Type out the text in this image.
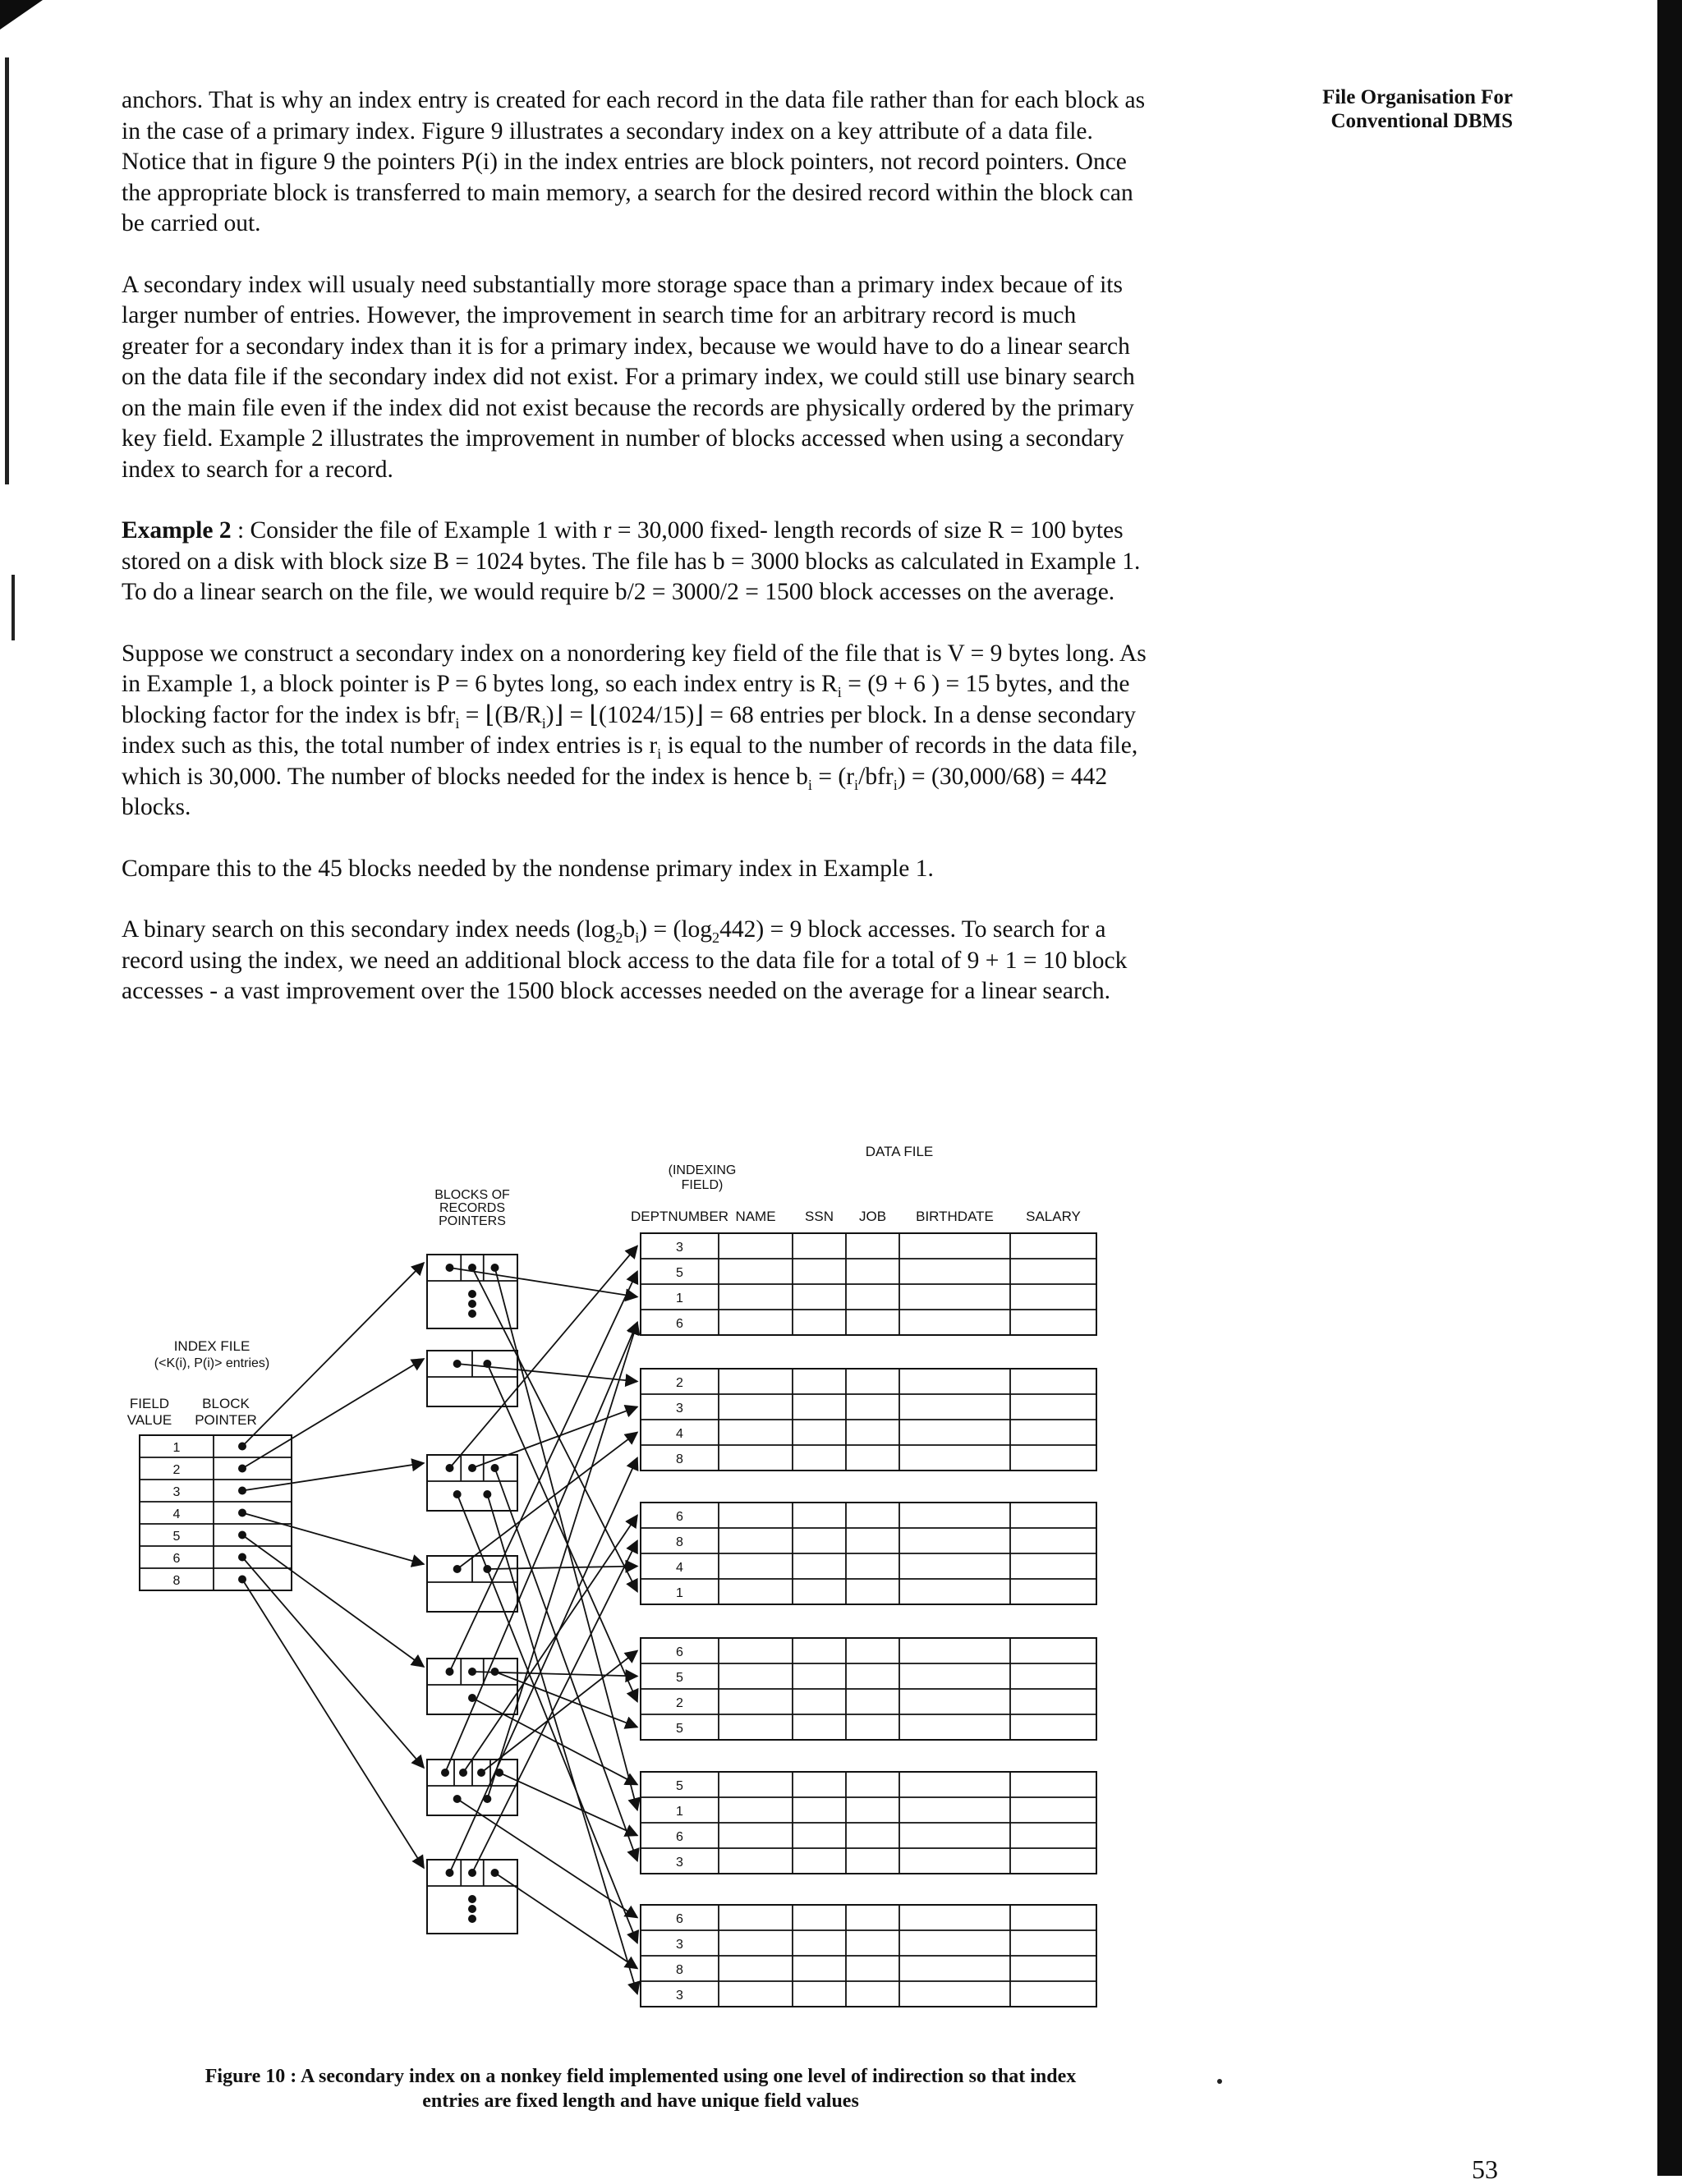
File Organisation For
Conventional DBMS

anchors. That is why an index entry is created for each record in the data file rather than for each block as in the case of a primary index. Figure 9 illustrates a secondary index on a key attribute of a data file. Notice that in figure 9 the pointers P(i) in the index entries are block pointers, not record pointers. Once the appropriate block is transferred to main memory, a search for the desired record within the block can be carried out.

A secondary index will usualy need substantially more storage space than a primary index becaue of its larger number of entries. However, the improvement in search time for an arbitrary record is much greater for a secondary index than it is for a primary index, because we would have to do a linear search on the data file if the secondary index did not exist. For a primary index, we could still use binary search on the main file even if the index did not exist because the records are physically ordered by the primary key field. Example 2 illustrates the improvement in number of blocks accessed when using a secondary index to search for a record.

Example 2 : Consider the file of Example 1 with r = 30,000 fixed- length records of size R = 100 bytes stored on a disk with block size B = 1024 bytes. The file has b = 3000 blocks as calculated in Example 1. To do a linear search on the file, we would require b/2 = 3000/2 = 1500 block accesses on the average.

Suppose we construct a secondary index on a nonordering key field of the file that is V = 9 bytes long. As in Example 1, a block pointer is P = 6 bytes long, so each index entry is $R_i = (9 + 6$ ) = 15 bytes, and the blocking factor for the index is $bfr_i = ⌊(B/R_i)⌋$ = ⌊(1024/15)⌋ = 68 entries per block. In a dense secondary index such as this, the total number of index entries is $r_i$ is equal to the number of records in the data file, which is 30,000. The number of blocks needed for the index is hence $b_i = (r_i/bfr_i) = (30,000/68) = 442$ blocks.

Compare this to the 45 blocks needed by the nondense primary index in Example 1.

A binary search on this secondary index needs $(\log_2b_i) = (\log_2442) = 9$ block accesses. To search for a record using the index, we need an additional block access to the data file for a total of 9 + 1 = 10 block accesses - a vast improvement over the 1500 block accesses needed on the average for a linear search.

DATA FILE
(INDEXING
FIELD)
DEPTNUMBER NAME SSN JOB BIRTHDATE SALARY
3
5
1
6
2
3
4
8
6
8
4
1
6
5
2
5
5
1
6
3
6
3
8
3
BLOCKS OF
RECORDS
POINTERS
INDEX FILE
(<K(i), P(i)> entries)
FIELD
VALUE
BLOCK
POINTER
1
2
3
4
5
6
8
Figure 10 : A secondary index on a nonkey field implemented using one level of indirection so that index
entries are fixed length and have unique field values
53
